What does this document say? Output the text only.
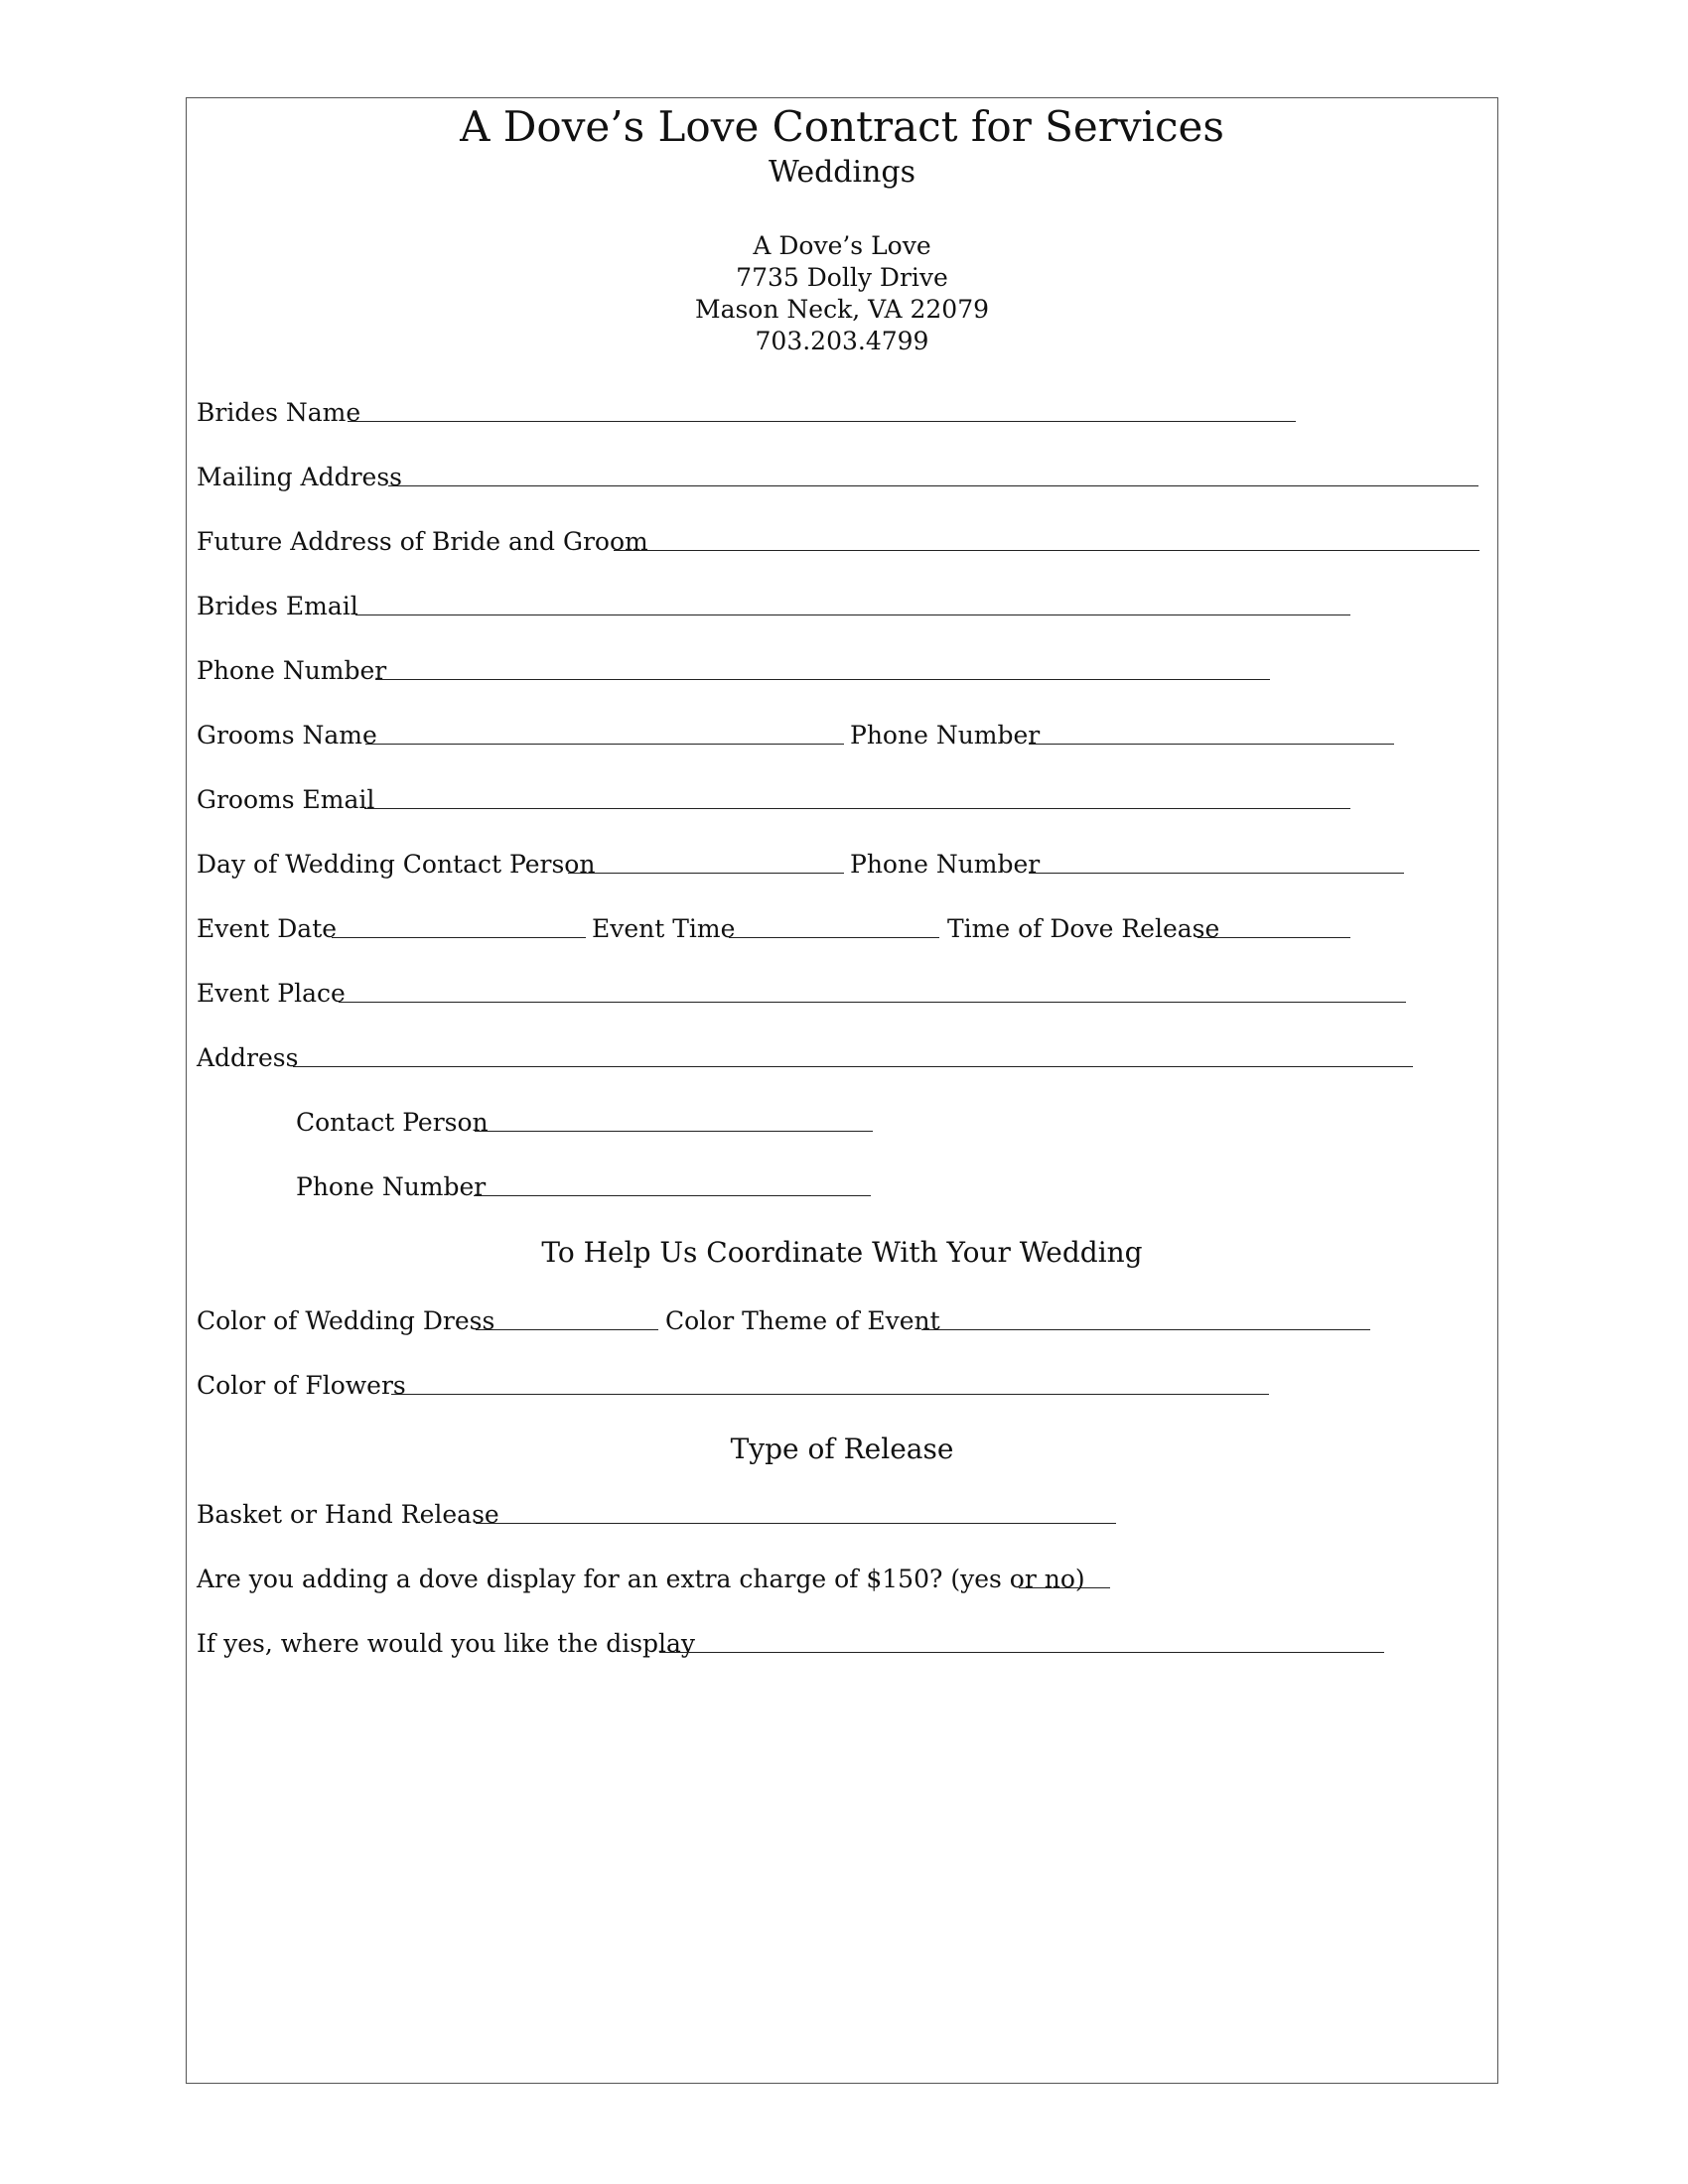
A Dove’s Love Contract for Services
Weddings
A Dove’s Love
7735 Dolly Drive
Mason Neck, VA 22079
703.203.4799
Brides Name
Mailing Address
Future Address of Bride and Groom
Brides Email
Phone Number
Grooms Name	Phone Number
Grooms Email
Day of Wedding Contact Person	Phone Number
Event Date	Event Time	Time of Dove Release
Event Place
Address
Contact Person
Phone Number
To Help Us Coordinate With Your Wedding
Color of Wedding Dress	Color Theme of Event
Color of Flowers
Type of Release
Basket or Hand Release
Are you adding a dove display for an extra charge of $150? (yes or no)
If yes, where would you like the display
